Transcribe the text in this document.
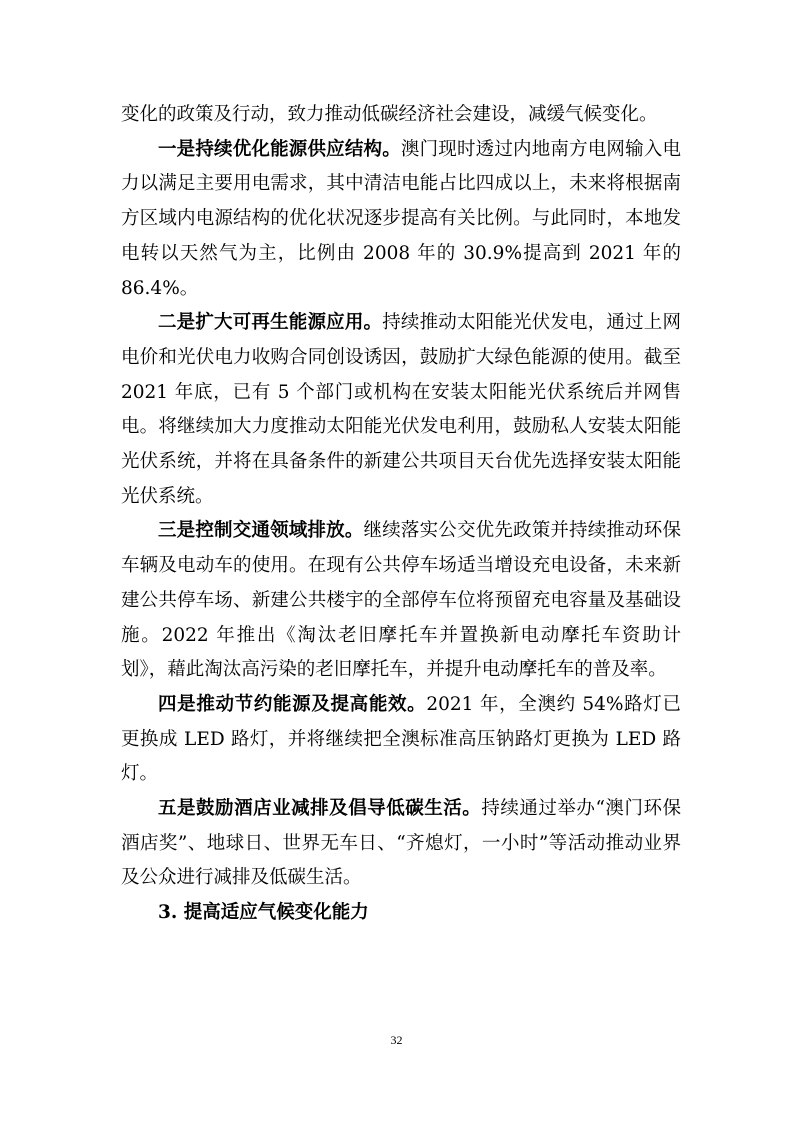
变化的政策及行动，致力推动低碳经济社会建设，减缓气候变化。

一是持续优化能源供应结构。澳门现时透过内地南方电网输入电力以满足主要用电需求，其中清洁电能占比四成以上，未来将根据南方区域内电源结构的优化状况逐步提高有关比例。与此同时，本地发电转以天然气为主，比例由 2008 年的 30.9%提高到 2021 年的 86.4%。

二是扩大可再生能源应用。持续推动太阳能光伏发电，通过上网电价和光伏电力收购合同创设诱因，鼓励扩大绿色能源的使用。截至 2021 年底，已有 5 个部门或机构在安装太阳能光伏系统后并网售电。将继续加大力度推动太阳能光伏发电利用，鼓励私人安装太阳能光伏系统，并将在具备条件的新建公共项目天台优先选择安装太阳能光伏系统。

三是控制交通领域排放。继续落实公交优先政策并持续推动环保车辆及电动车的使用。在现有公共停车场适当增设充电设备，未来新建公共停车场、新建公共楼宇的全部停车位将预留充电容量及基础设施。2022 年推出《淘汰老旧摩托车并置换新电动摩托车资助计划》，藉此淘汰高污染的老旧摩托车，并提升电动摩托车的普及率。

四是推动节约能源及提高能效。2021 年，全澳约 54%路灯已更换成 LED 路灯，并将继续把全澳标准高压钠路灯更换为 LED 路灯。

五是鼓励酒店业减排及倡导低碳生活。持续通过举办“澳门环保酒店奖”、地球日、世界无车日、“齐熄灯，一小时”等活动推动业界及公众进行减排及低碳生活。

3. 提高适应气候变化能力

32
